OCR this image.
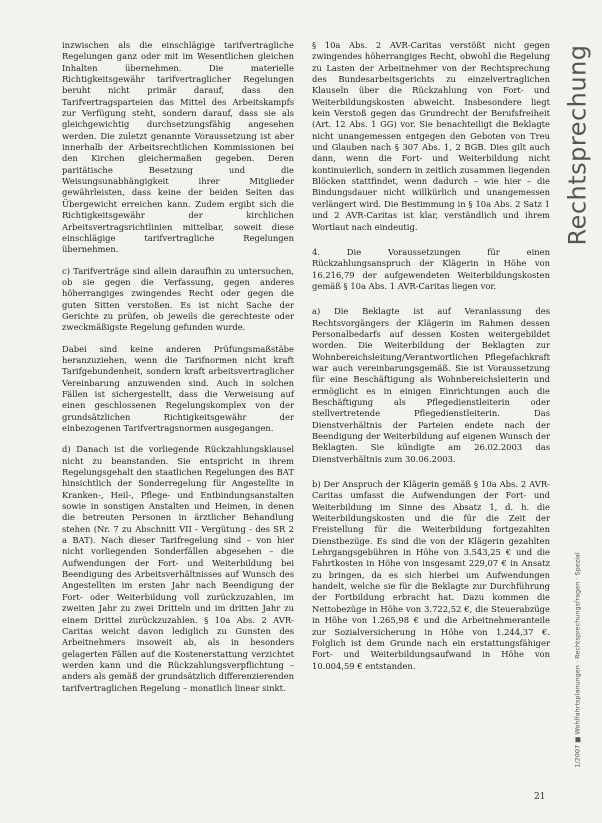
inzwischen als die einschlägige tarifvertragliche Regelungen ganz oder mit im Wesentlichen gleichen Inhalten übernehmen. Die materielle Richtigkeitsgewähr tarifvertraglicher Regelungen beruht nicht primär darauf, dass den Tarifvertragsparteien das Mittel des Arbeitskampfs zur Verfügung steht, sondern darauf, dass sie als gleichgewichtig durchsetzungsfähig angesehen werden. Die zuletzt genannte Voraussetzung ist aber innerhalb der Arbeitsrechtlichen Kommissionen bei den Kirchen gleichermaßen gegeben. Deren paritätische Besetzung und die Weisungsunabhängigkeit ihrer Mitglieder gewährleisten, dass keine der beiden Seiten das Übergewicht erreichen kann. Zudem ergibt sich die Richtigkeitsgewähr der kirchlichen Arbeitsvertragsrichtlinien mittelbar, soweit diese einschlägige tarifvertragliche Regelungen übernehmen.

c) Tarifverträge sind allein daraufhin zu untersuchen, ob sie gegen die Verfassung, gegen anderes höherrangiges zwingendes Recht oder gegen die guten Sitten verstoßen. Es ist nicht Sache der Gerichte zu prüfen, ob jeweils die gerechteste oder zweckmäßigste Regelung gefunden wurde.

Dabei sind keine anderen Prüfungsmaßstäbe heranzuziehen, wenn die Tarifnormen nicht kraft Tarifgebundenheit, sondern kraft arbeitsvertraglicher Vereinbarung anzuwenden sind. Auch in solchen Fällen ist sichergestellt, dass die Verweisung auf einen geschlossenen Regelungskomplex von der grundsätzlichen Richtigkeitsgewähr der einbezogenen Tarifvertragsnormen ausgegangen.

d) Danach ist die vorliegende Rückzahlungsklausel nicht zu beanstanden. Sie entspricht in ihrem Regelungsgehalt den staatlichen Regelungen des BAT hinsichtlich der Sonderregelung für Angestellte in Kranken-, Heil-, Pflege- und Entbindungsanstalten sowie in sonstigen Anstalten und Heimen, in denen die betreuten Personen in ärztlicher Behandlung stehen (Nr. 7 zu Abschnitt VII - Vergütung - des SR 2 a BAT). Nach dieser Tarifregelung sind – von hier nicht vorliegenden Sonderfällen abgesehen – die Aufwendungen der Fort- und Weiterbildung bei Beendigung des Arbeitsverhältnisses auf Wunsch des Angestellten im ersten Jahr nach Beendigung der Fort- oder Weiterbildung voll zurückzuzahlen, im zweiten Jahr zu zwei Dritteln und im dritten Jahr zu einem Drittel zurückzuzahlen. § 10a Abs. 2 AVR-Caritas weicht davon lediglich zu Gunsten des Arbeitnehmers insoweit ab, als in besonders gelagerten Fällen auf die Kostenerstattung verzichtet werden kann und die Rückzahlungsverpflichtung – anders als gemäß der grundsätzlich differenzierenden tarifvertraglichen Regelung – monatlich linear sinkt.

§ 10a Abs. 2 AVR-Caritas verstößt nicht gegen zwingendes höherrangiges Recht, obwohl die Regelung zu Lasten der Arbeitnehmer von der Rechtsprechung des Bundesarbeitsgerichts zu einzelvertraglichen Klauseln über die Rückzahlung von Fort- und Weiterbildungskosten abweicht. Insbesondere liegt kein Verstoß gegen das Grundrecht der Berufsfreiheit (Art. 12 Abs. 1 GG) vor. Sie benachteiligt die Beklagte nicht unangemessen entgegen den Geboten von Treu und Glauben nach § 307 Abs. 1, 2 BGB. Dies gilt auch dann, wenn die Fort- und Weiterbildung nicht kontinuierlich, sondern in zeitlich zusammen liegenden Blöcken stattfindet, wenn dadurch – wie hier – die Bindungsdauer nicht willkürlich und unangemessen verlängert wird. Die Bestimmung in § 10a Abs. 2 Satz 1 und 2 AVR-Caritas ist klar, verständlich und ihrem Wortlaut nach eindeutig.

4. Die Voraussetzungen für einen Rückzahlungsanspruch der Klägerin in Höhe von 16.216,79 der aufgewendeten Weiterbildungskosten gemäß § 10a Abs. 1 AVR-Caritas liegen vor.

a) Die Beklagte ist auf Veranlassung des Rechtsvorgängers der Klägerin im Rahmen dessen Personalbedarfs auf dessen Kosten weitergebildet worden. Die Weiterbildung der Beklagten zur Wohnbereichsleitung/Verantwortlichen Pflegefachkraft war auch vereinbarungsgemäß. Sie ist Voraussetzung für eine Beschäftigung als Wohnbereichsleiterin und ermöglicht es in einigen Einrichtungen auch die Beschäftigung als Pflegedienstleiterin oder stellvertretende Pflegedienstleiterin. Das Dienstverhältnis der Parteien endete nach der Beendigung der Weiterbildung auf eigenen Wunsch der Beklagten. Sie kündigte am 26.02.2003 das Dienstverhältnis zum 30.06.2003.

b) Der Anspruch der Klägerin gemäß § 10a Abs. 2 AVR-Caritas umfasst die Aufwendungen der Fort- und Weiterbildung im Sinne des Absatz 1, d. h. die Weiterbildungskosten und die für die Zeit der Freistellung für die Weiterbildung fortgezahlten Dienstbezüge. Es sind die von der Klägerin gezahlten Lehrgangsgebühren in Höhe von 3.543,25 € und die Fahrtkosten in Höhe von insgesamt 229,07 € in Ansatz zu bringen, da es sich hierbei um Aufwendungen handelt, welche sie für die Beklagte zur Durchführung der Fortbildung erbracht hat. Dazu kommen die Nettobezüge in Höhe von 3.722,52 €, die Steuerabzüge in Höhe von 1.265,98 € und die Arbeitnehmeranteile zur Sozialversicherung in Höhe von 1.244,37 €. Folglich ist dem Grunde nach ein erstattungsfähiger Fort- und Weiterbildungsaufwand in Höhe von 10.004,59 € entstanden.

Rechtsprechung
1/2007 ■ Wohlfahrtsplanungen · Rechtsprechungsfragen · Spezial
21
